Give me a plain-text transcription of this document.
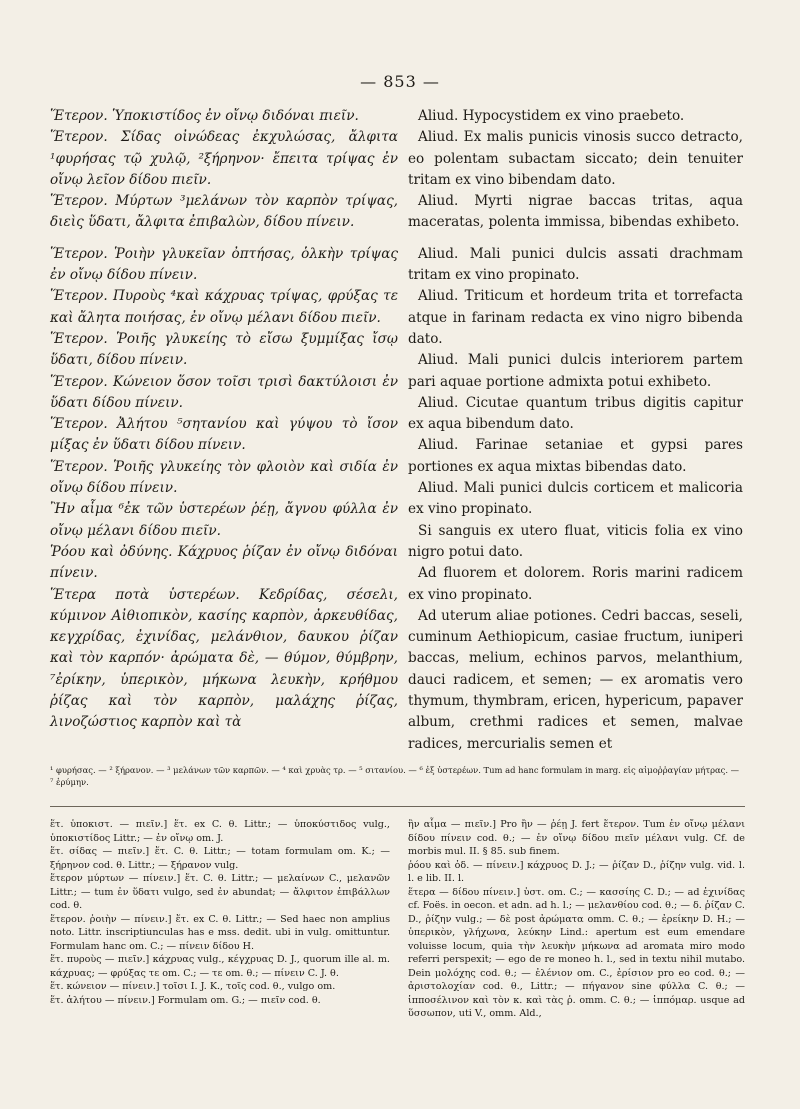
— 853 —

Ἕτερον. Ὑποκιστίδος ἐν οἴνῳ διδόναι πιεῖν.

Ἕτερον. Σίδας οἰνώδεας ἐκχυλώσας, ἄλφιτα ¹φυρήσας τῷ χυλῷ, ²ξήρηνον· ἔπειτα τρίψας ἐν οἴνῳ λεῖον δίδου πιεῖν.

Ἕτερον. Μύρτων ³μελάνων τὸν καρπὸν τρίψας, διεὶς ὕδατι, ἄλφιτα ἐπιβαλὼν, δίδου πίνειν.

Ἕτερον. Ῥοιὴν γλυκεῖαν ὀπτήσας, ὁλκὴν τρίψας ἐν οἴνῳ δίδου πίνειν.

Ἕτερον. Πυροὺς ⁴καὶ κάχρυας τρίψας, φρύξας τε καὶ ἄλητα ποιήσας, ἐν οἴνῳ μέλανι δίδου πιεῖν.

Ἕτερον. Ῥοιῆς γλυκείης τὸ εἴσω ξυμμίξας ἴσῳ ὕδατι, δίδου πίνειν.

Ἕτερον. Κώνειον ὅσον τοῖσι τρισὶ δακτύλοισι ἐν ὕδατι δίδου πίνειν.

Ἕτερον. Ἀλήτου ⁵σητανίου καὶ γύψου τὸ ἴσον μίξας ἐν ὕδατι δίδου πίνειν.

Ἕτερον. Ῥοιῆς γλυκείης τὸν φλοιὸν καὶ σιδία ἐν οἴνῳ δίδου πίνειν.

Ἢν αἷμα ⁶ἐκ τῶν ὑστερέων ῥέῃ, ἄγνου φύλλα ἐν οἴνῳ μέλανι δίδου πιεῖν.

Ῥόου καὶ ὀδύνης. Κάχρυος ῥίζαν ἐν οἴνῳ διδόναι πίνειν.

Ἕτερα ποτὰ ὑστερέων. Κεδρίδας, σέσελι, κύμινον Αἰθιοπικὸν, κασίης καρπὸν, ἀρκευθίδας, κεγχρίδας, ἐχινίδας, μελάνθιον, δαυκου ῥίζαν καὶ τὸν καρπόν· ἀρώματα δὲ, — θύμον, θύμβρην, ⁷ἐρίκην, ὑπερικὸν, μήκωνα λευκὴν, κρήθμου ῥίζας καὶ τὸν καρπὸν, μαλάχης ῥίζας, λινοζώστιος καρπὸν καὶ τὰ

Aliud. Hypocystidem ex vino praebeto.

Aliud. Ex malis punicis vinosis succo detracto, eo polentam subactam siccato; dein tenuiter tritam ex vino bibendam dato.

Aliud. Myrti nigrae baccas tritas, aqua maceratas, polenta immissa, bibendas exhibeto.

Aliud. Mali punici dulcis assati drachmam tritam ex vino propinato.

Aliud. Triticum et hordeum trita et torrefacta atque in farinam redacta ex vino nigro bibenda dato.

Aliud. Mali punici dulcis interiorem partem pari aquae portione admixta potui exhibeto.

Aliud. Cicutae quantum tribus digitis capitur ex aqua bibendum dato.

Aliud. Farinae setaniae et gypsi pares portiones ex aqua mixtas bibendas dato.

Aliud. Mali punici dulcis corticem et malicoria ex vino propinato.

Si sanguis ex utero fluat, viticis folia ex vino nigro potui dato.

Ad fluorem et dolorem. Roris marini radicem ex vino propinato.

Ad uterum aliae potiones. Cedri baccas, seseli, cuminum Aethiopicum, casiae fructum, iuniperi baccas, melium, echinos parvos, melanthium, dauci radicem, et semen; — ex aromatis vero thymum, thymbram, ericen, hypericum, papaver album, crethmi radices et semen, malvae radices, mercurialis semen et

¹ φυρήσας. — ² ξήρανον. — ³ μελάνων τῶν καρπῶν. — ⁴ καὶ χρυὰς τρ. — ⁵ σιτανίου. — ⁶ ἐξ ὑστερέων. Tum ad hanc formulam in marg. εἰς αἱμοῤῥαγίαν μήτρας. — ⁷ ἐρύμην.

ἕτ. ὑποκιστ. — πιεῖν.] ἕτ. ex C. θ. Littr.; — ὑποκύστιδος vulg., ὑποκιστίδος Littr.; — ἐν οἴνῳ om. J.

ἕτ. σίδας — πιεῖν.] ἕτ. C. θ. Littr.; — totam formulam om. K.; — ξήρηνον cod. θ. Littr.; — ξήρανον vulg.

ἕτερον μύρτων — πίνειν.] ἕτ. C. θ. Littr.; — μελαίνων C., μελανῶν Littr.; — tum ἐν ὕδατι vulgo, sed ἐν abundat; — ἄλφιτον ἐπιβάλλων cod. θ.

ἕτερον. ῥοιὴν — πίνειν.] ἕτ. ex C. θ. Littr.; — Sed haec non amplius noto. Littr. inscriptiunculas has e mss. dedit. ubi in vulg. omittuntur. Formulam hanc om. C.; — πίνειν δίδου H.

ἕτ. πυροὺς — πιεῖν.] κάχρυας vulg., κέγχρυας D. J., quorum ille al. m. κάχρυας; — φρύξας τε om. C.; — τε om. θ.; — πίνειν C. J. θ.

ἕτ. κώνειον — πίνειν.] τοῖσι I. J. K., τοῖς cod. θ., vulgo om.

ἕτ. ἀλήτου — πίνειν.] Formulam om. G.; — πιεῖν cod. θ.

ἢν αἷμα — πιεῖν.] Pro ἢν — ῥέῃ J. fert ἕτερον. Tum ἐν οἴνῳ μέλανι δίδου πίνειν cod. θ.; — ἐν οἴνῳ δίδου πιεῖν μέλανι vulg. Cf. de morbis mul. II. § 85. sub finem.

ῥόου καὶ ὀδ. — πίνειν.] κάχρυος D. J.; — ῥίζαν D., ῥίζην vulg. vid. l. l. e lib. II. l.

ἕτερα — δίδου πίνειν.] ὑστ. om. C.; — κασσίης C. D.; — ad ἐχινίδας cf. Foës. in oecon. et adn. ad h. l.; — μελανθίου cod. θ.; — δ. ῥίζαν C. D., ῥίζην vulg.; — δὲ post ἀρώματα omm. C. θ.; — ἐρείκην D. H.; — ὑπερικὸν, γλήχωνα, λεύκην Lind.: apertum est eum emendare voluisse locum, quia τὴν λευκὴν μήκωνα ad aromata miro modo referri perspexit; — ego de re moneo h. l., sed in textu nihil mutabo. Dein μολόχης cod. θ.; — ἐλένιον om. C., ἐρίσιον pro eo cod. θ.; — ἀριστολοχίαν cod. θ., Littr.; — πήγανον sine φύλλα C. θ.; — ἱπποσέλινον καὶ τὸν κ. καὶ τὰς ῥ. omm. C. θ.; — ἱππόμαρ. usque ad ὕσσωπον, uti V., omm. Ald.,
